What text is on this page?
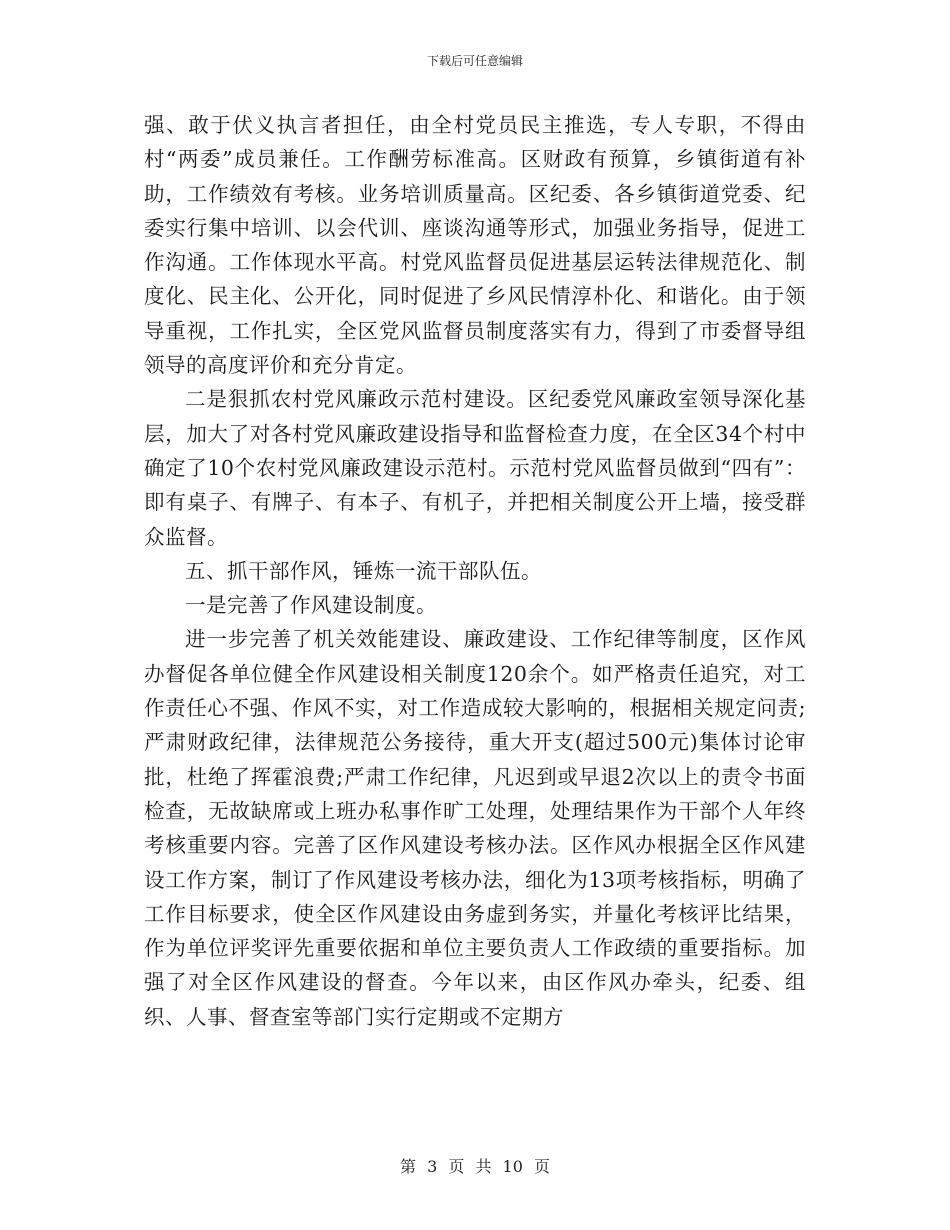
下载后可任意编辑

强、敢于伏义执言者担任，由全村党员民主推选，专人专职，不得由村“两委”成员兼任。工作酬劳标准高。区财政有预算，乡镇街道有补助，工作绩效有考核。业务培训质量高。区纪委、各乡镇街道党委、纪委实行集中培训、以会代训、座谈沟通等形式，加强业务指导，促进工作沟通。工作体现水平高。村党风监督员促进基层运转法律规范化、制度化、民主化、公开化，同时促进了乡风民情淳朴化、和谐化。由于领导重视，工作扎实，全区党风监督员制度落实有力，得到了市委督导组领导的高度评价和充分肯定。

二是狠抓农村党风廉政示范村建设。区纪委党风廉政室领导深化基层，加大了对各村党风廉政建设指导和监督检查力度，在全区34个村中确定了10个农村党风廉政建设示范村。示范村党风监督员做到“四有”：即有桌子、有牌子、有本子、有机子，并把相关制度公开上墙，接受群众监督。

五、抓干部作风，锤炼一流干部队伍。

一是完善了作风建设制度。

进一步完善了机关效能建设、廉政建设、工作纪律等制度，区作风办督促各单位健全作风建设相关制度120余个。如严格责任追究，对工作责任心不强、作风不实，对工作造成较大影响的，根据相关规定问责;严肃财政纪律，法律规范公务接待，重大开支(超过500元)集体讨论审批，杜绝了挥霍浪费;严肃工作纪律，凡迟到或早退2次以上的责令书面检查，无故缺席或上班办私事作旷工处理，处理结果作为干部个人年终考核重要内容。完善了区作风建设考核办法。区作风办根据全区作风建设工作方案，制订了作风建设考核办法，细化为13项考核指标，明确了工作目标要求，使全区作风建设由务虚到务实，并量化考核评比结果，作为单位评奖评先重要依据和单位主要负责人工作政绩的重要指标。加强了对全区作风建设的督查。今年以来，由区作风办牵头，纪委、组织、人事、督查室等部门实行定期或不定期方

第 3 页 共 10 页
